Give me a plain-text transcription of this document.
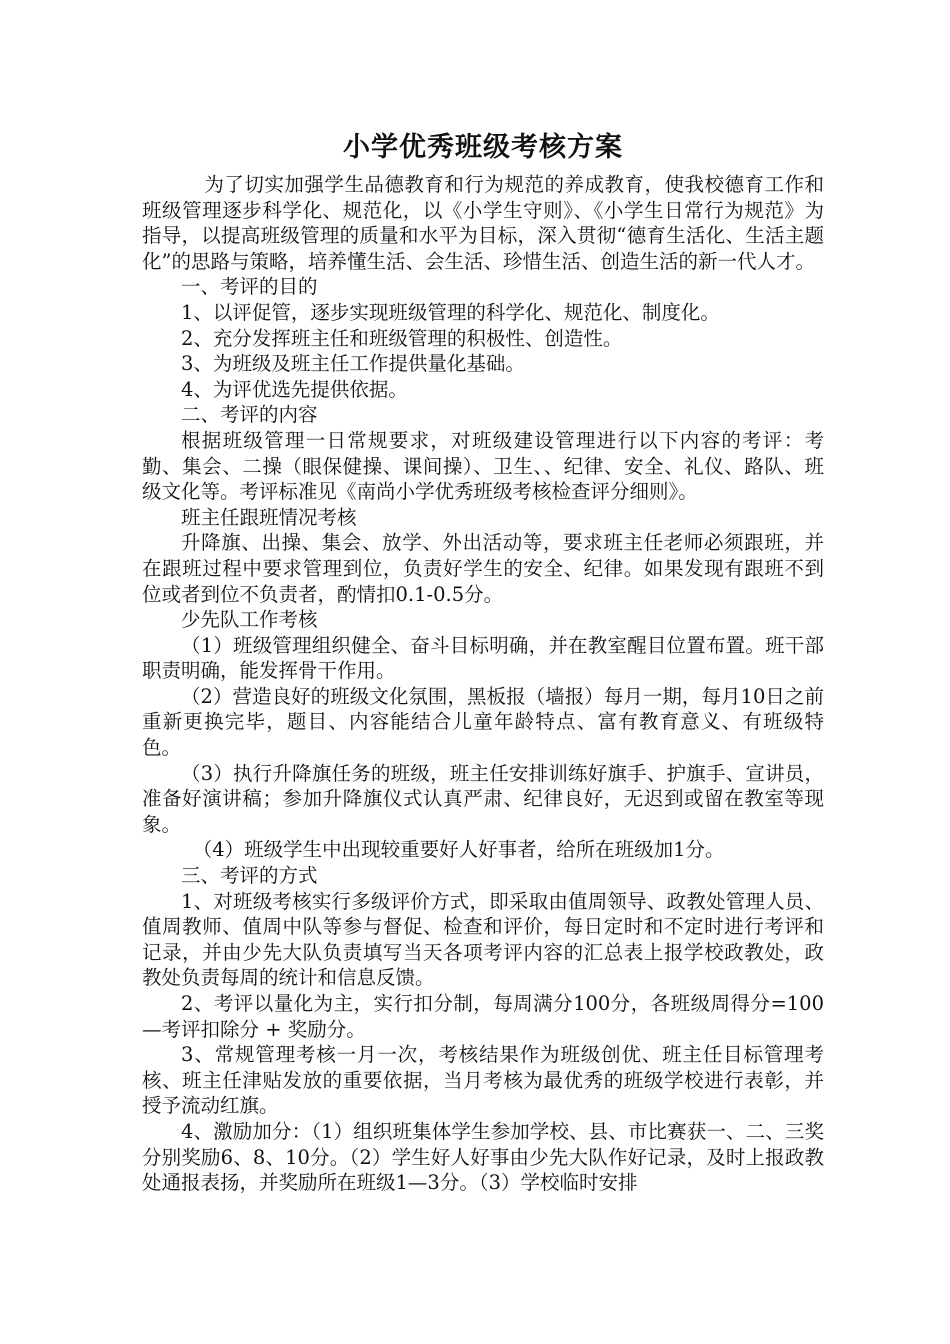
小学优秀班级考核方案

为了切实加强学生品德教育和行为规范的养成教育，使我校德育工作和班级管理逐步科学化、规范化，以《小学生守则》、《小学生日常行为规范》为指导，以提高班级管理的质量和水平为目标，深入贯彻“德育生活化、生活主题化”的思路与策略，培养懂生活、会生活、珍惜生活、创造生活的新一代人才。

一、考评的目的

1、以评促管，逐步实现班级管理的科学化、规范化、制度化。

2、充分发挥班主任和班级管理的积极性、创造性。

3、为班级及班主任工作提供量化基础。

4、为评优选先提供依据。

二、考评的内容

根据班级管理一日常规要求，对班级建设管理进行以下内容的考评：考勤、集会、二操（眼保健操、课间操）、卫生、、纪律、安全、礼仪、路队、班级文化等。考评标准见《南尚小学优秀班级考核检查评分细则》。

班主任跟班情况考核

升降旗、出操、集会、放学、外出活动等，要求班主任老师必须跟班，并在跟班过程中要求管理到位，负责好学生的安全、纪律。如果发现有跟班不到位或者到位不负责者，酌情扣0.1-0.5分。

少先队工作考核

（1）班级管理组织健全、奋斗目标明确，并在教室醒目位置布置。班干部职责明确，能发挥骨干作用。

（2）营造良好的班级文化氛围，黑板报（墙报）每月一期，每月10日之前重新更换完毕，题目、内容能结合儿童年龄特点、富有教育意义、有班级特色。

（3）执行升降旗任务的班级，班主任安排训练好旗手、护旗手、宣讲员，准备好演讲稿；参加升降旗仪式认真严肃、纪律良好，无迟到或留在教室等现象。

（4）班级学生中出现较重要好人好事者，给所在班级加1分。

三、考评的方式

1、对班级考核实行多级评价方式，即采取由值周领导、政教处管理人员、值周教师、值周中队等参与督促、检查和评价，每日定时和不定时进行考评和记录，并由少先大队负责填写当天各项考评内容的汇总表上报学校政教处，政教处负责每周的统计和信息反馈。

2、考评以量化为主，实行扣分制，每周满分100分，各班级周得分=100 —考评扣除分 + 奖励分。

3、常规管理考核一月一次，考核结果作为班级创优、班主任目标管理考核、班主任津贴发放的重要依据，当月考核为最优秀的班级学校进行表彰，并授予流动红旗。

4、激励加分：（1）组织班集体学生参加学校、县、市比赛获一、二、三奖分别奖励6、8、10分。（2）学生好人好事由少先大队作好记录，及时上报政教处通报表扬，并奖励所在班级1—3分。（3）学校临时安排
